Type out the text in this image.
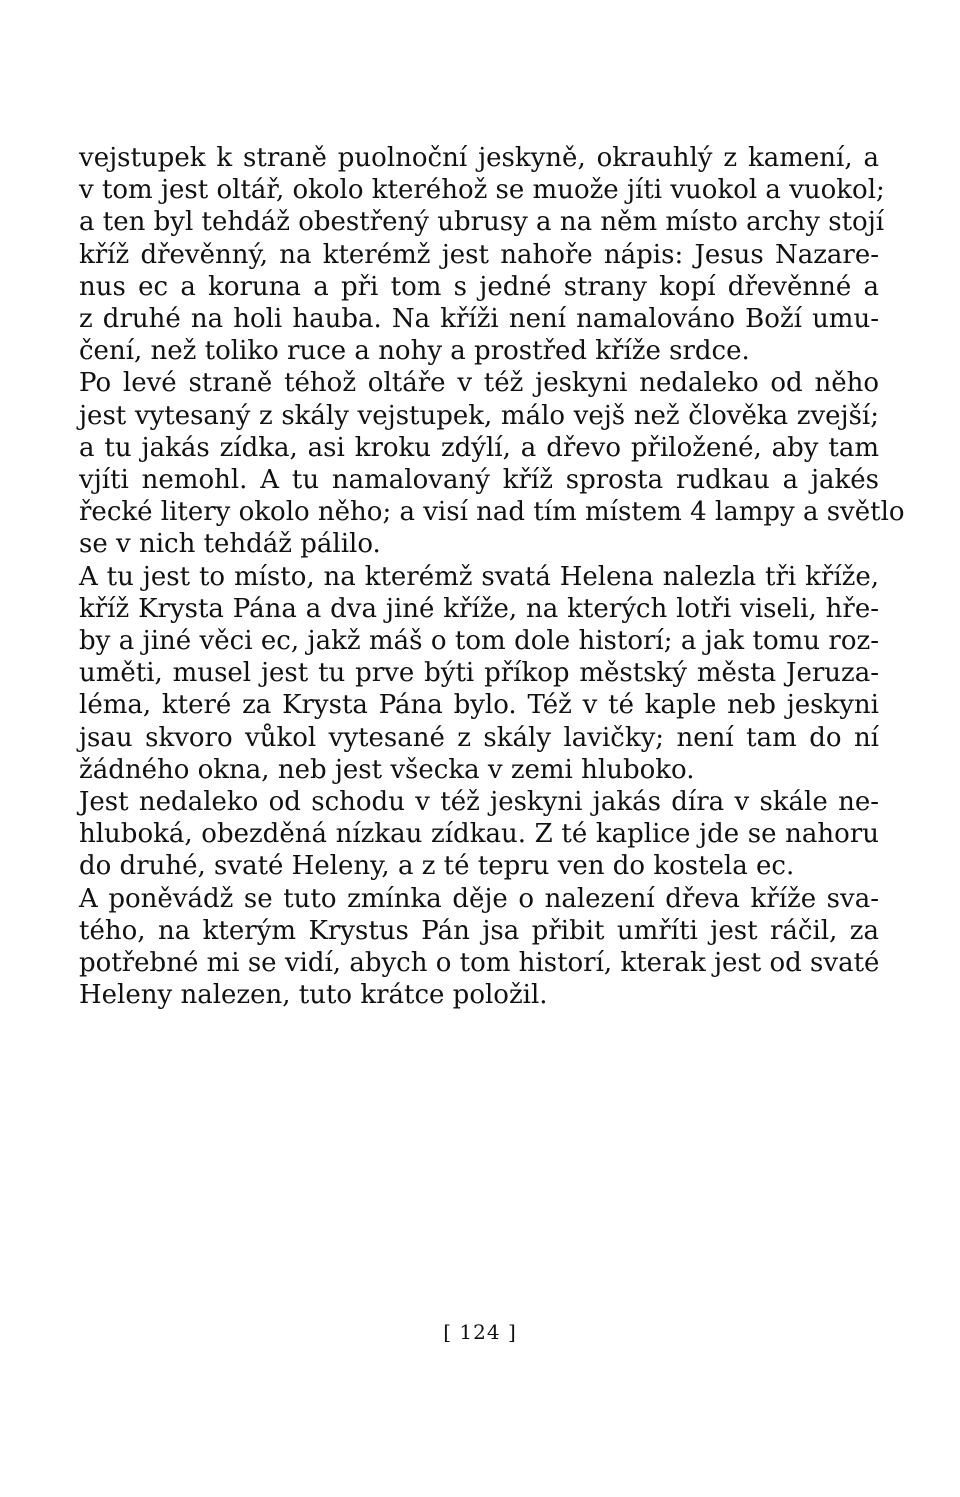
vejstupek k straně puolnoční jeskyně, okrauhlý z kamení, a
v tom jest oltář, okolo kteréhož se muože jíti vuokol a vuokol;
a ten byl tehdáž obestřený ubrusy a na něm místo archy stojí
kříž dřevěnný, na kterémž jest nahoře nápis: Jesus Nazare-
nus ec a koruna a při tom s jedné strany kopí dřevěnné a
z druhé na holi hauba. Na kříži není namalováno Boží umu-
čení, než toliko ruce a nohy a prostřed kříže srdce.

Po levé straně téhož oltáře v též jeskyni nedaleko od něho
jest vytesaný z skály vejstupek, málo vejš než člověka zvejší;
a tu jakás zídka, asi kroku zdýlí, a dřevo přiložené, aby tam
vjíti nemohl. A tu namalovaný kříž sprosta rudkau a jakés
řecké litery okolo něho; a visí nad tím místem 4 lampy a světlo
se v nich tehdáž pálilo.

A tu jest to místo, na kterémž svatá Helena nalezla tři kříže,
kříž Krysta Pána a dva jiné kříže, na kterých lotři viseli, hře-
by a jiné věci ec, jakž máš o tom dole historí; a jak tomu roz-
uměti, musel jest tu prve býti příkop městský města Jeruza-
léma, které za Krysta Pána bylo. Též v té kaple neb jeskyni
jsau skvoro vůkol vytesané z skály lavičky; není tam do ní
žádného okna, neb jest všecka v zemi hluboko.

Jest nedaleko od schodu v též jeskyni jakás díra v skále ne-
hluboká, obezděná nízkau zídkau. Z té kaplice jde se nahoru
do druhé, svaté Heleny, a z té tepru ven do kostela ec.

A poněvádž se tuto zmínka děje o nalezení dřeva kříže sva-
tého, na kterým Krystus Pán jsa přibit umříti jest ráčil, za
potřebné mi se vidí, abych o tom historí, kterak jest od svaté
Heleny nalezen, tuto krátce položil.

[ 124 ]
